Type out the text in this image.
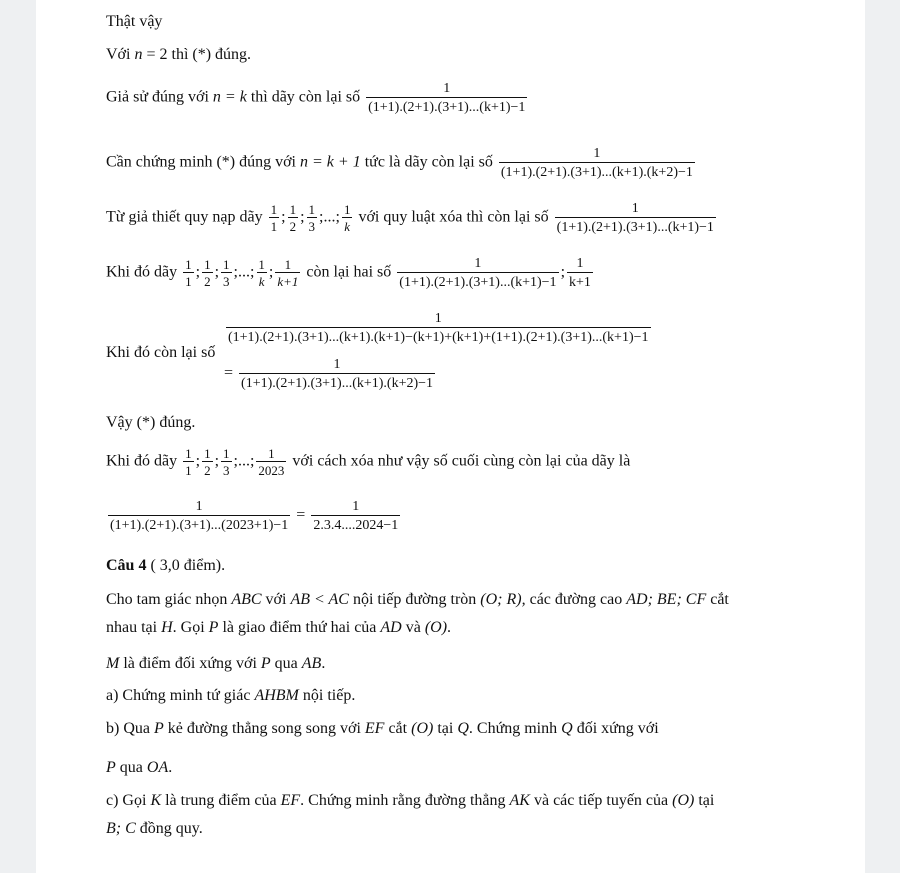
Thật vậy
Với n = 2 thì (*) đúng.
Giả sử đúng với n = k thì dãy còn lại số $\frac{1}{(1+1).(2+1).(3+1)...(k+1)-1}$
Cần chứng minh (*) đúng với n = k + 1 tức là dãy còn lại số $\frac{1}{(1+1).(2+1).(3+1)...(k+1).(k+2)-1}$
Từ giả thiết quy nạp dãy $\frac{1}{1}$ ; $\frac{1}{2}$ ; $\frac{1}{3}$ ;...; $\frac{1}{k}$ với quy luật xóa thì còn lại số $\frac{1}{(1+1).(2+1).(3+1)...(k+1)-1}$
Khi đó dãy $\frac{1}{1}$ ; $\frac{1}{2}$ ; $\frac{1}{3}$ ;...; $\frac{1}{k}$ ; $\frac{1}{k+1}$ còn lại hai số $\frac{1}{(1+1).(2+1).(3+1)...(k+1)-1}$ ; $\frac{1}{k+1}$
Khi đó còn lại số
1
(1+1).(2+1).(3+1)...(k+1).(k+1)−(k+1)+(k+1)+(1+1).(2+1).(3+1)...(k+1)−1
= $\frac{1}{(1+1).(2+1).(3+1)...(k+1).(k+2)-1}$
Vậy (*) đúng.
Khi đó dãy $\frac{1}{1}$ ; $\frac{1}{2}$ ; $\frac{1}{3}$ ;...; $\frac{1}{2023}$ với cách xóa như vậy số cuối cùng còn lại của dãy là
$\frac{1}{(1+1).(2+1).(3+1)...(2023+1)-1} = \frac{1}{2.3.4....2024-1}$
Câu 4 ( 3,0 điểm).
Cho tam giác nhọn ABC với AB < AC nội tiếp đường tròn (O; R), các đường cao AD; BE; CF cắt
nhau tại H. Gọi P là giao điểm thứ hai của AD và (O).
M là điểm đối xứng với P qua AB.
a) Chứng minh tứ giác AHBM nội tiếp.
b) Qua P kẻ đường thẳng song song với EF cắt (O) tại Q. Chứng minh Q đối xứng với
P qua OA.
c) Gọi K là trung điểm của EF. Chứng minh rằng đường thẳng AK và các tiếp tuyến của (O) tại
B; C đồng quy.
